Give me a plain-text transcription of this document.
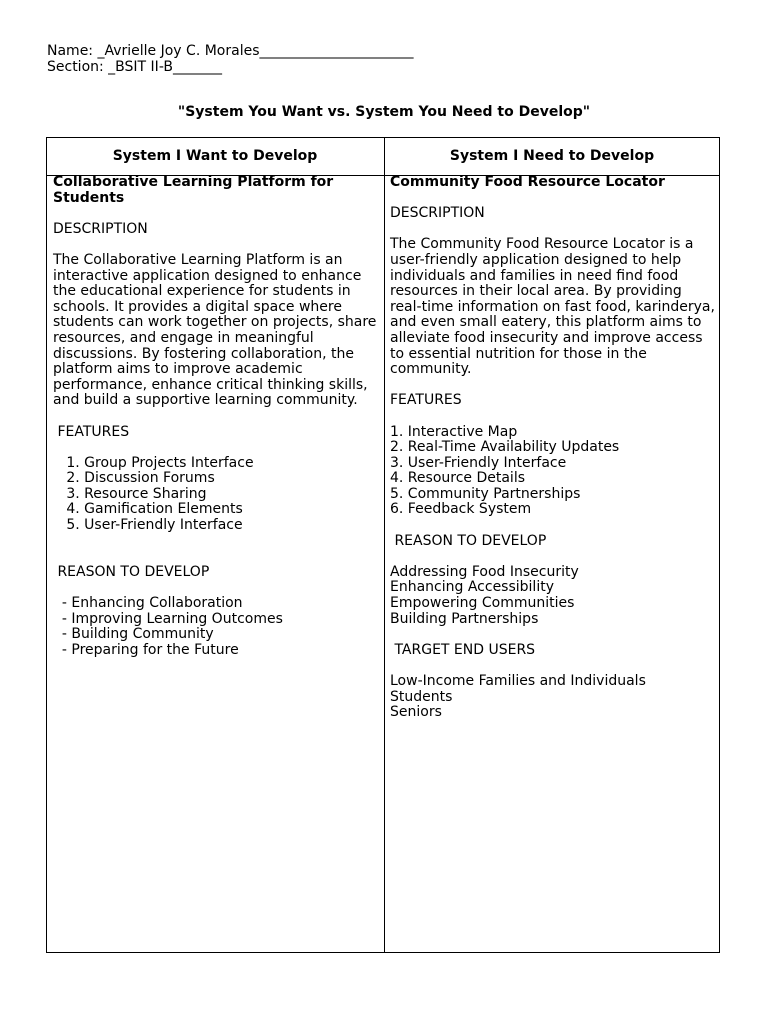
Name: _Avrielle Joy C. Morales______________________
Section: _BSIT II-B_______
"System You Want vs. System You Need to Develop"
System I Want to Develop	System I Need to Develop

Collaborative Learning Platform for Students

DESCRIPTION

The Collaborative Learning Platform is an interactive application designed to enhance the educational experience for students in schools. It provides a digital space where students can work together on projects, share resources, and engage in meaningful discussions. By fostering collaboration, the platform aims to improve academic performance, enhance critical thinking skills, and build a supportive learning community.

FEATURES

1. Group Projects Interface
2. Discussion Forums
3. Resource Sharing
4. Gamification Elements
5. User-Friendly Interface

REASON TO DEVELOP

- Enhancing Collaboration
- Improving Learning Outcomes
- Building Community
- Preparing for the Future

Community Food Resource Locator

DESCRIPTION

The Community Food Resource Locator is a user-friendly application designed to help individuals and families in need find food resources in their local area. By providing real-time information on fast food, karinderya, and even small eatery, this platform aims to alleviate food insecurity and improve access to essential nutrition for those in the community.

FEATURES

1. Interactive Map
2. Real-Time Availability Updates
3. User-Friendly Interface
4. Resource Details
5. Community Partnerships
6. Feedback System

REASON TO DEVELOP

Addressing Food Insecurity
Enhancing Accessibility
Empowering Communities
Building Partnerships

TARGET END USERS

Low-Income Families and Individuals
Students
Seniors
